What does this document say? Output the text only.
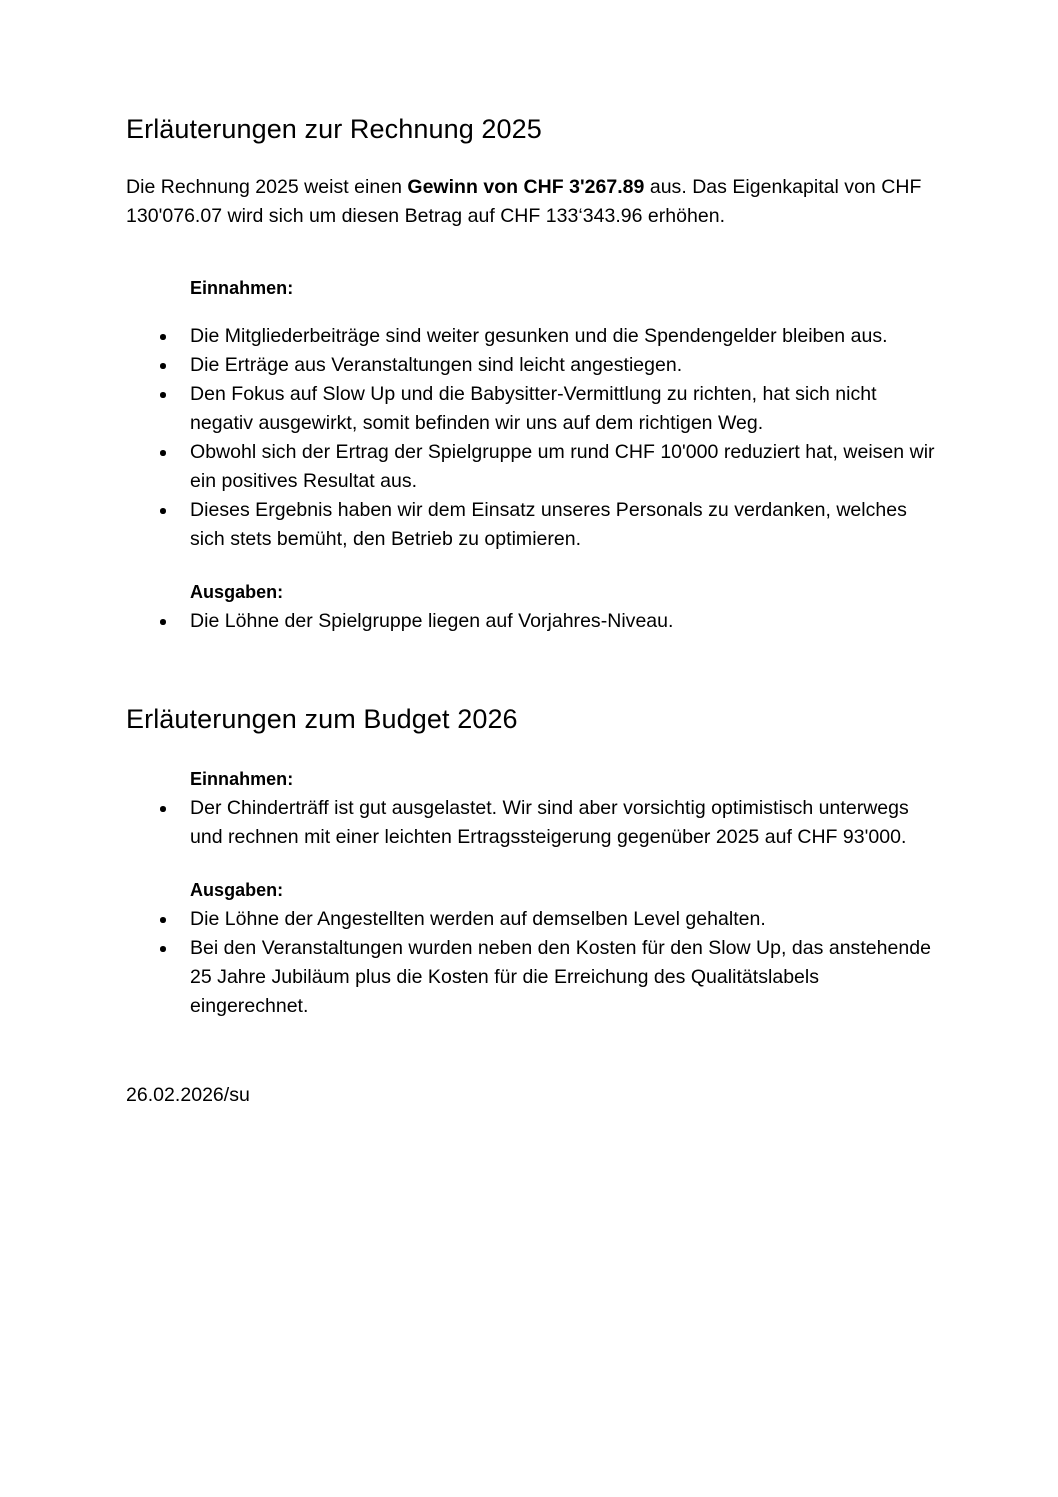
Erläuterungen zur Rechnung 2025

Die Rechnung 2025 weist einen Gewinn von CHF 3'267.89 aus. Das Eigenkapital von CHF 130'076.07 wird sich um diesen Betrag auf CHF 133‘343.96 erhöhen.

Einnahmen:

Die Mitgliederbeiträge sind weiter gesunken und die Spendengelder bleiben aus.
Die Erträge aus Veranstaltungen sind leicht angestiegen.
Den Fokus auf Slow Up und die Babysitter-Vermittlung zu richten, hat sich nicht negativ ausgewirkt, somit befinden wir uns auf dem richtigen Weg.
Obwohl sich der Ertrag der Spielgruppe um rund CHF 10'000 reduziert hat, weisen wir ein positives Resultat aus.
Dieses Ergebnis haben wir dem Einsatz unseres Personals zu verdanken, welches sich stets bemüht, den Betrieb zu optimieren.

Ausgaben:

Die Löhne der Spielgruppe liegen auf Vorjahres-Niveau.
Erläuterungen zum Budget 2026

Einnahmen:

Der Chinderträff ist gut ausgelastet. Wir sind aber vorsichtig optimistisch unterwegs und rechnen mit einer leichten Ertragssteigerung gegenüber 2025 auf CHF 93'000.

Ausgaben:

Die Löhne der Angestellten werden auf demselben Level gehalten.
Bei den Veranstaltungen wurden neben den Kosten für den Slow Up, das anstehende 25 Jahre Jubiläum plus die Kosten für die Erreichung des Qualitätslabels eingerechnet.

26.02.2026/su
